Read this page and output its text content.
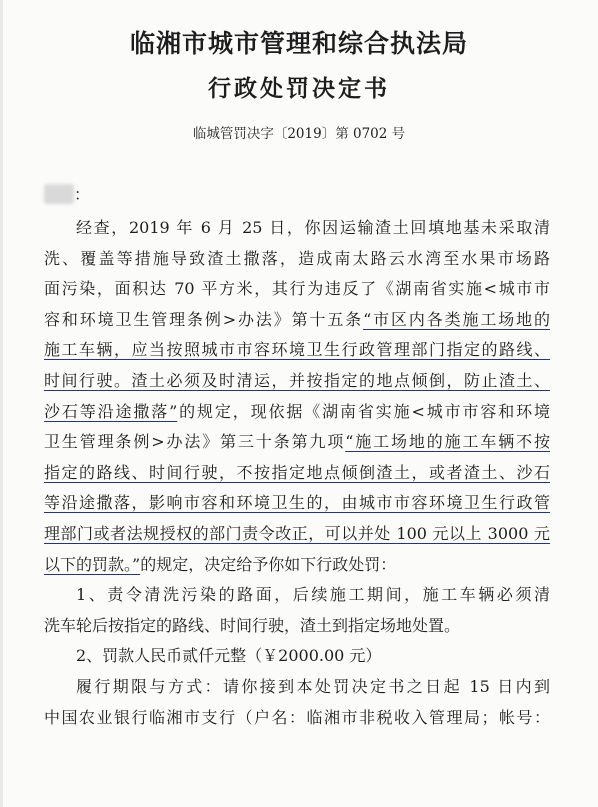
临湘市城市管理和综合执法局
行政处罚决定书
临城管罚决字〔2019〕第 0702 号
：

经查，2019 年 6 月 25 日，你因运输渣土回填地基未采取清

洗、覆盖等措施导致渣土撒落，造成南太路云水湾至水果市场路

面污染，面积达 70 平方米，其行为违反了《湖南省实施<城市市

容和环境卫生管理条例>办法》第十五条“市区内各类施工场地的

施工车辆，应当按照城市市容环境卫生行政管理部门指定的路线、

时间行驶。渣土必须及时清运，并按指定的地点倾倒，防止渣土、

沙石等沿途撒落”的规定，现依据《湖南省实施<城市市容和环境

卫生管理条例>办法》第三十条第九项“施工场地的施工车辆不按

指定的路线、时间行驶，不按指定地点倾倒渣土，或者渣土、沙石

等沿途撒落，影响市容和环境卫生的，由城市市容环境卫生行政管

理部门或者法规授权的部门责令改正，可以并处 100 元以上 3000 元

以下的罚款。”的规定，决定给予你如下行政处罚：

1、责令清洗污染的路面，后续施工期间，施工车辆必须清

洗车轮后按指定的路线、时间行驶，渣土到指定场地处置。

2、罚款人民币贰仟元整（￥2000.00 元）

履行期限与方式：请你接到本处罚决定书之日起 15 日内到

中国农业银行临湘市支行（户名：临湘市非税收入管理局；帐号：
